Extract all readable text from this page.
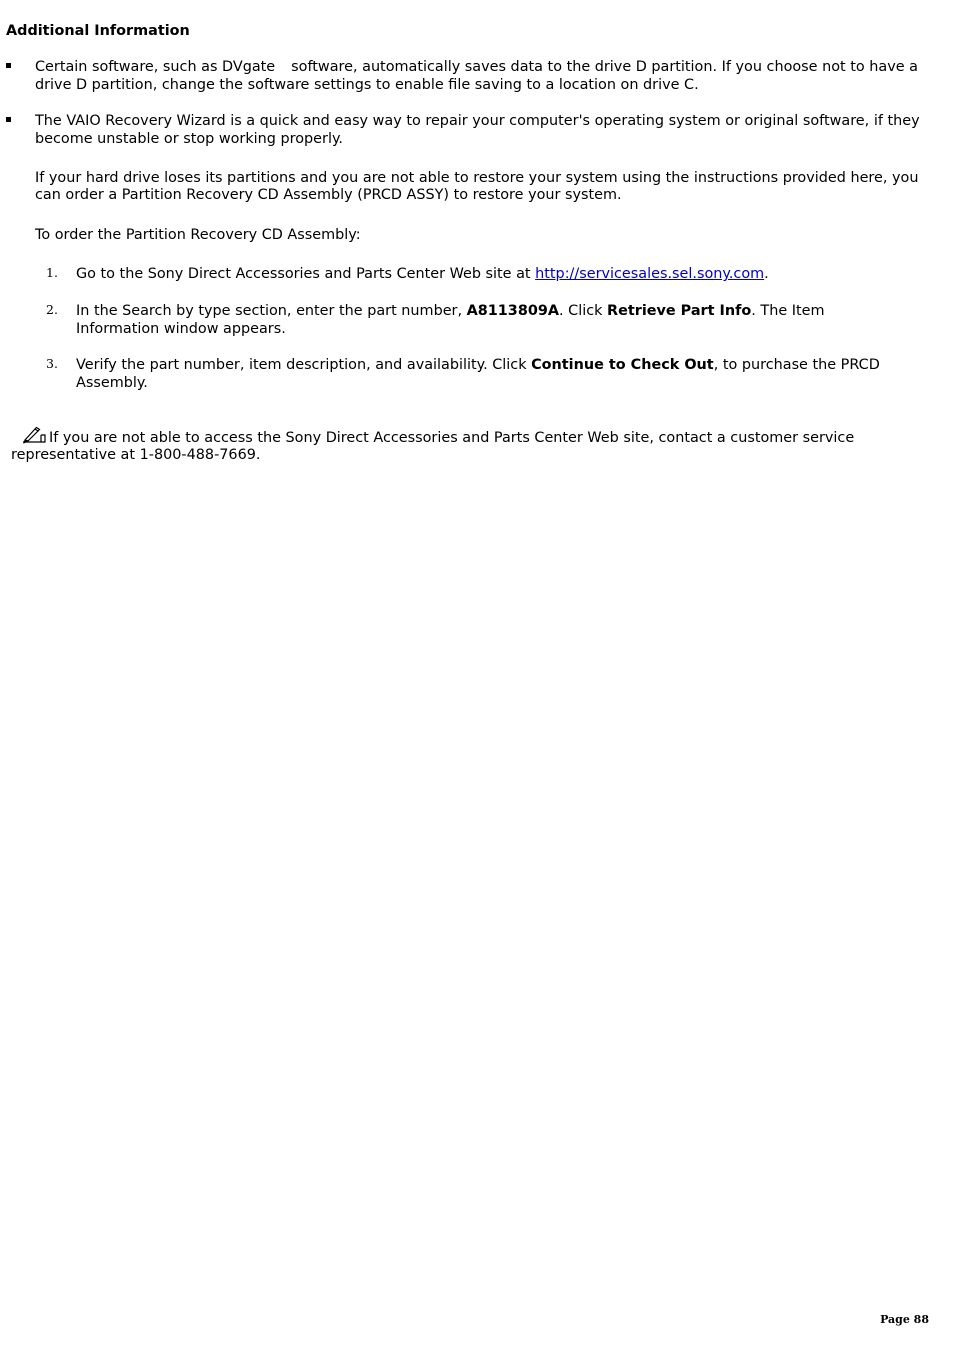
Additional Information
Certain software, such as DVgate software, automatically saves data to the drive D partition. If you choose not to have a drive D partition, change the software settings to enable file saving to a location on drive C.
The VAIO Recovery Wizard is a quick and easy way to repair your computer's operating system or original software, if they become unstable or stop working properly.
If your hard drive loses its partitions and you are not able to restore your system using the instructions provided here, you can order a Partition Recovery CD Assembly (PRCD ASSY) to restore your system.
To order the Partition Recovery CD Assembly:
1. Go to the Sony Direct Accessories and Parts Center Web site at http://servicesales.sel.sony.com.
2. In the Search by type section, enter the part number, A8113809A. Click Retrieve Part Info. The Item Information window appears.
3. Verify the part number, item description, and availability. Click Continue to Check Out, to purchase the PRCD Assembly.
If you are not able to access the Sony Direct Accessories and Parts Center Web site, contact a customer service representative at 1-800-488-7669.
Page 88
